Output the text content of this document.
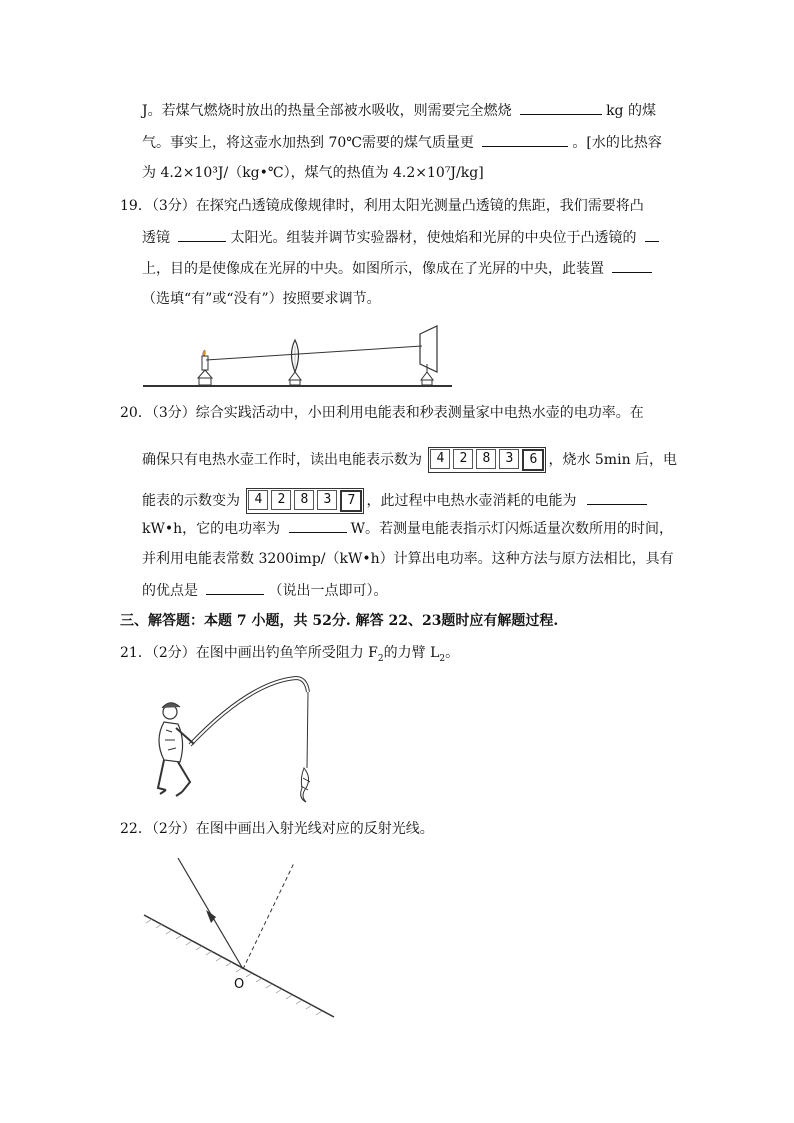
J。若煤气燃烧时放出的热量全部被水吸收，则需要完全燃烧	kg 的煤
气。事实上，将这壶水加热到 70℃需要的煤气质量更	。[水的比热容
为 4.2×10³J/（kg•℃），煤气的热值为 4.2×10⁷J/kg]
19．（3分）在探究凸透镜成像规律时，利用太阳光测量凸透镜的焦距，我们需要将凸
透镜	太阳光。组装并调节实验器材，使烛焰和光屏的中央位于凸透镜的
上，目的是使像成在光屏的中央。如图所示，像成在了光屏的中央，此装置
（选填“有”或“没有”）按照要求调节。
20．（3分）综合实践活动中，小田利用电能表和秒表测量家中电热水壶的电功率。在
确保只有电热水壶工作时，读出电能表示数为	4	2	8	3	6 ，烧水 5min 后，电
能表的示数变为	4	2	8	3	7 ，此过程中电热水壶消耗的电能为
kW•h，它的电功率为	W。若测量电能表指示灯闪烁适量次数所用的时间，
并利用电能表常数 3200imp/（kW•h）计算出电功率。这种方法与原方法相比，具有
的优点是	（说出一点即可）。
三、解答题：本题 7 小题，共 52分. 解答 22、23题时应有解题过程.
21．（2分）在图中画出钓鱼竿所受阻力 $F_2$的力臂 $L_2$。
22．（2分）在图中画出入射光线对应的反射光线。
O
